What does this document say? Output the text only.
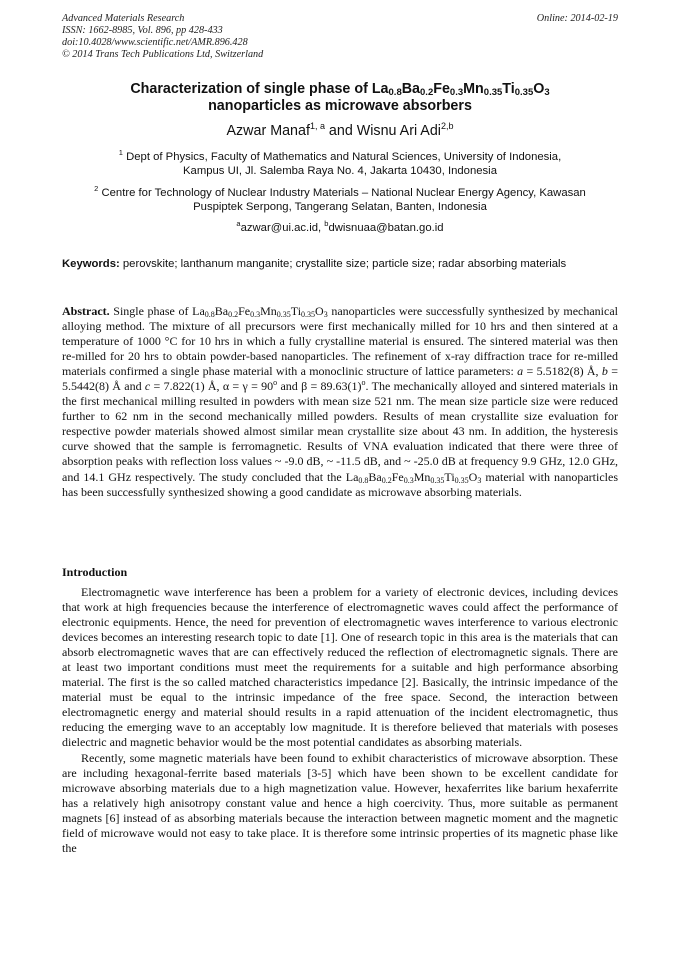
Advanced Materials Research
ISSN: 1662-8985, Vol. 896, pp 428-433
doi:10.4028/www.scientific.net/AMR.896.428
© 2014 Trans Tech Publications Ltd, Switzerland
Online: 2014-02-19
Characterization of single phase of $La_{0.8}Ba_{0.2}Fe_{0.3}Mn_{0.35}Ti_{0.35}O_3$
nanoparticles as microwave absorbers
Azwar Manaf$^{1, a}$ and Wisnu Ari Adi$^{2,b}$
$^1$ Dept of Physics, Faculty of Mathematics and Natural Sciences, University of Indonesia,
Kampus UI, Jl. Salemba Raya No. 4, Jakarta 10430, Indonesia
$^2$ Centre for Technology of Nuclear Industry Materials – National Nuclear Energy Agency, Kawasan
Puspiptek Serpong, Tangerang Selatan, Banten, Indonesia
$^a$azwar@ui.ac.id, $^b$dwisnuaa@batan.go.id
Keywords: perovskite; lanthanum manganite; crystallite size; particle size; radar absorbing materials
Abstract. Single phase of $La_{0.8}Ba_{0.2}Fe_{0.3}Mn_{0.35}Ti_{0.35}O_3$ nanoparticles were successfully synthesized by mechanical alloying method. The mixture of all precursors were first mechanically milled for 10 hrs and then sintered at a temperature of 1000 °C for 10 hrs in which a fully crystalline material is ensured. The sintered material was then re-milled for 20 hrs to obtain powder-based nanoparticles. The refinement of x-ray diffraction trace for re-milled materials confirmed a single phase material with a monoclinic structure of lattice parameters: a = 5.5182(8) Å, b = 5.5442(8) Å and c = 7.822(1) Å, $\alpha = \gamma = 90^o$ and $\beta = 89.63(1)^o$. The mechanically alloyed and sintered materials in the first mechanical milling resulted in powders with mean size 521 nm. The mean size particle size were reduced further to 62 nm in the second mechanically milled powders. Results of mean crystallite size evaluation for respective powder materials showed almost similar mean crystallite size about 43 nm. In addition, the hysteresis curve showed that the sample is ferromagnetic. Results of VNA evaluation indicated that there were three of absorption peaks with reflection loss values ~ -9.0 dB, ~ -11.5 dB, and ~ -25.0 dB at frequency 9.9 GHz, 12.0 GHz, and 14.1 GHz respectively. The study concluded that the $La_{0.8}Ba_{0.2}Fe_{0.3}Mn_{0.35}Ti_{0.35}O_3$ material with nanoparticles has been successfully synthesized showing a good candidate as microwave absorbing materials.
Introduction

Electromagnetic wave interference has been a problem for a variety of electronic devices, including devices that work at high frequencies because the interference of electromagnetic waves could affect the performance of electronic equipments. Hence, the need for prevention of electromagnetic waves interference to various electronic devices becomes an interesting research topic to date [1]. One of research topic in this area is the materials that can absorb electromagnetic waves that are can effectively reduced the reflection of electromagnetic signals. There are at least two important conditions must meet the requirements for a suitable and high performance absorbing material. The first is the so called matched characteristics impedance [2]. Basically, the intrinsic impedance of the material must be equal to the intrinsic impedance of the free space. Second, the interaction between electromagnetic energy and material should results in a rapid attenuation of the incident electromagnetic, thus reducing the emerging wave to an acceptably low magnitude. It is therefore believed that materials with poseses dielectric and magnetic behavior would be the most potential candidates as absorbing materials.

Recently, some magnetic materials have been found to exhibit characteristics of microwave absorption. These are including hexagonal-ferrite based materials [3-5] which have been shown to be excellent candidate for microwave absorbing materials due to a high magnetization value. However, hexaferrites like barium hexaferrite has a relatively high anisotropy constant value and hence a high coercivity. Thus, more suitable as permanent magnets [6] instead of as absorbing materials because the interaction between magnetic moment and the magnetic field of microwave would not easy to take place. It is therefore some intrinsic properties of its magnetic phase like the
